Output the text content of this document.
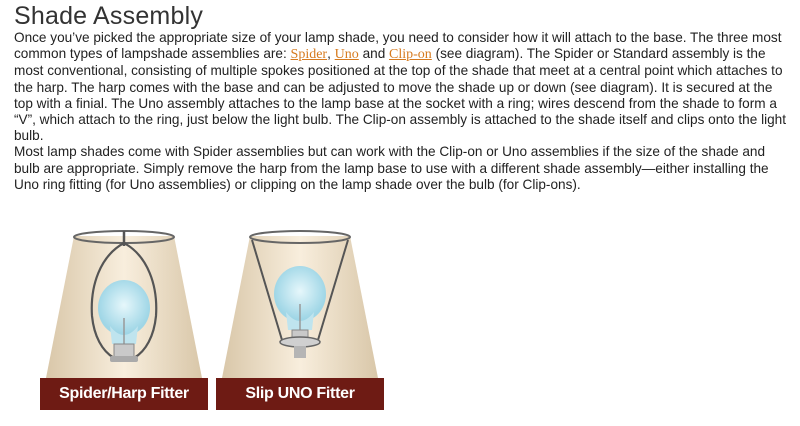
Shade Assembly

Once you’ve picked the appropriate size of your lamp shade, you need to consider how it will attach to the base. The three most common types of lampshade assemblies are: Spider, Uno and Clip-on (see diagram). The Spider or Standard assembly is the most conventional, consisting of multiple spokes positioned at the top of the shade that meet at a central point which attaches to the harp. The harp comes with the base and can be adjusted to move the shade up or down (see diagram). It is secured at the top with a finial. The Uno assembly attaches to the lamp base at the socket with a ring; wires descend from the shade to form a “V”, which attach to the ring, just below the light bulb. The Clip-on assembly is attached to the shade itself and clips onto the light bulb.

Most lamp shades come with Spider assemblies but can work with the Clip-on or Uno assemblies if the size of the shade and bulb are appropriate. Simply remove the harp from the lamp base to use with a different shade assembly—either installing the Uno ring fitting (for Uno assemblies) or clipping on the lamp shade over the bulb (for Clip-ons).

Spider/Harp Fitter	Slip UNO Fitter
